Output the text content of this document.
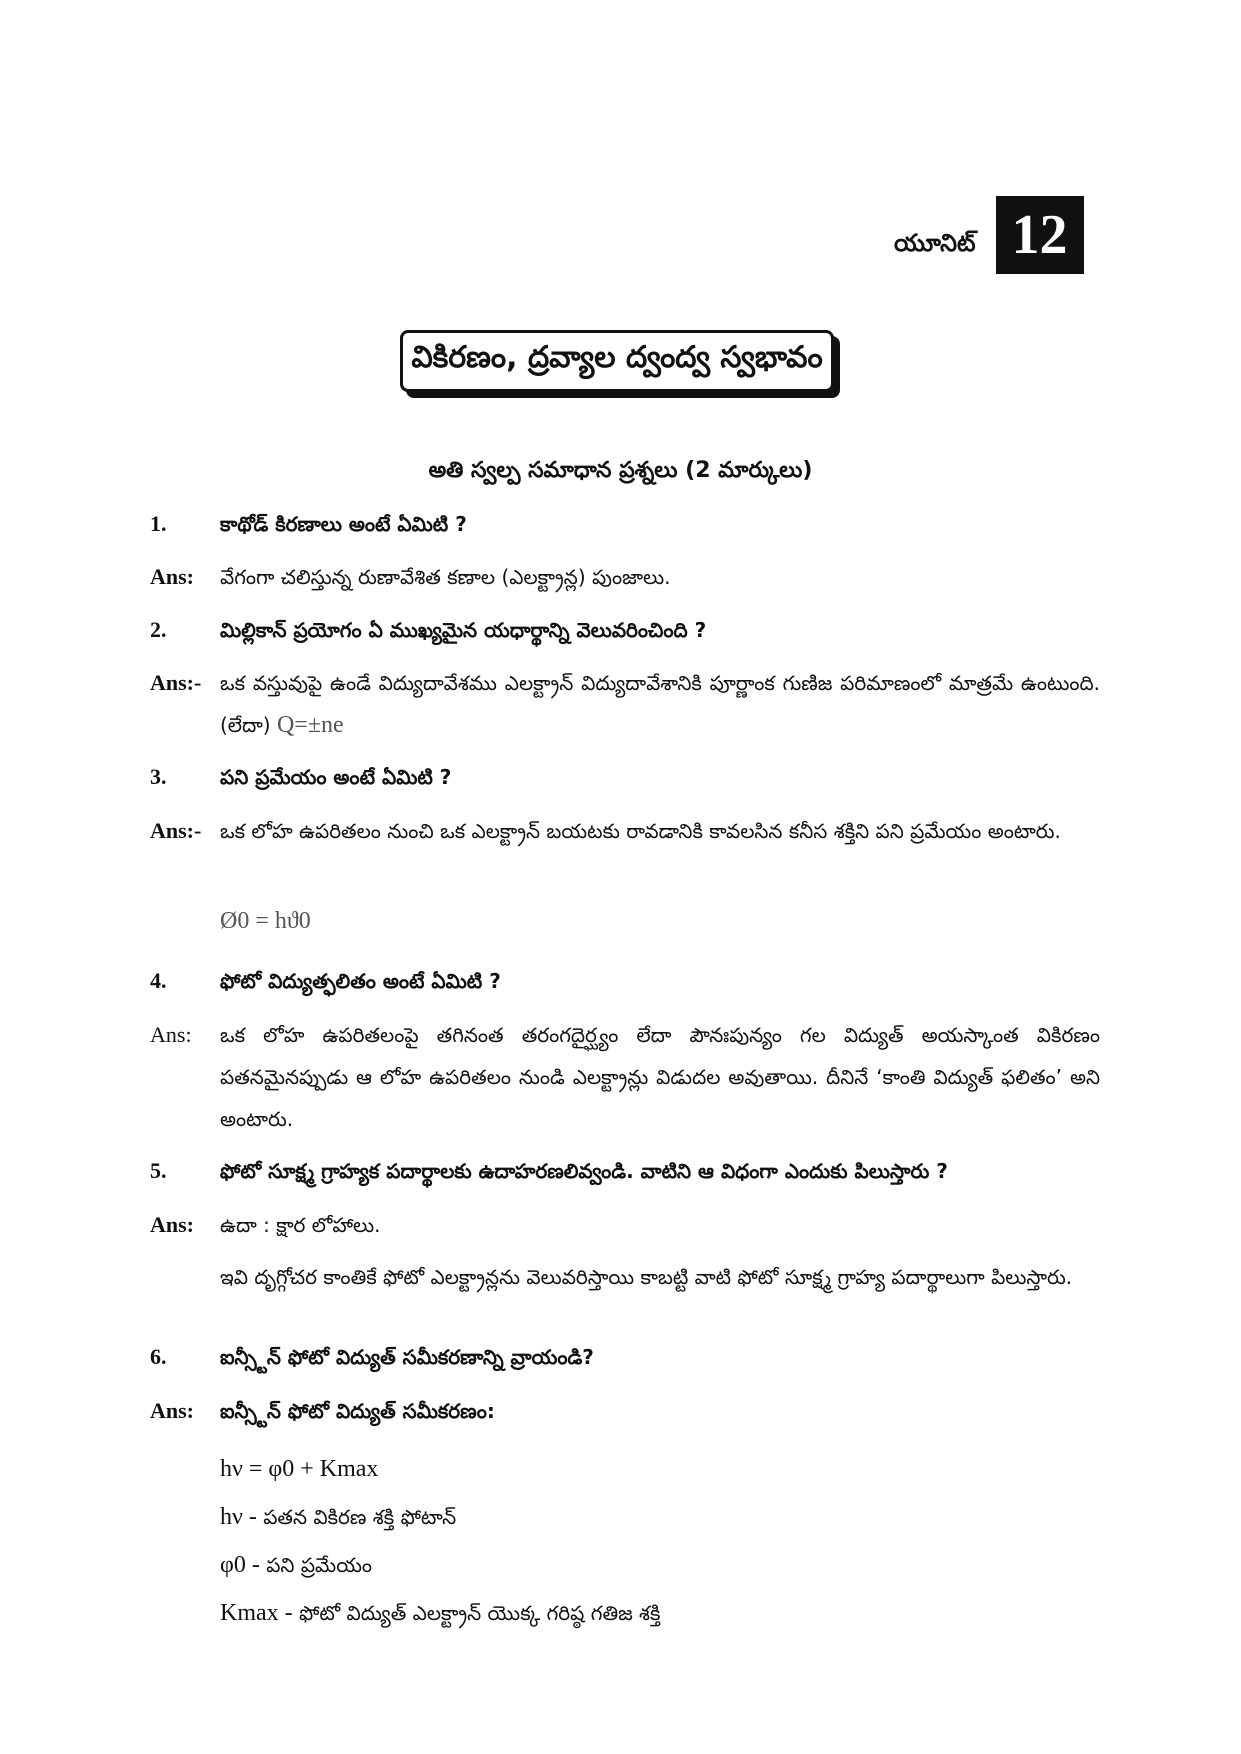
యూనిట్ 12
వికిరణం, ద్రవ్యాల ద్వంద్వ స్వభావం
అతి స్వల్ప సమాధాన ప్రశ్నలు (2 మార్కులు)
1.	కాథోడ్ కిరణాలు అంటే ఏమిటి ?
Ans: వేగంగా చలిస్తున్న రుణావేశిత కణాల (ఎలక్ట్రాన్ల) పుంజాలు.
2.	మిల్లికాన్ ప్రయోగం ఏ ముఖ్యమైన యధార్థాన్ని వెలువరించింది ?
Ans:- ఒక వస్తువుపై ఉండే విద్యుదావేశము ఎలక్ట్రాన్ విద్యుదావేశానికి పూర్ణాంక గుణిజ పరిమాణంలో మాత్రమే ఉంటుంది. (లేదా) Q=±ne
3.	పని ప్రమేయం అంటే ఏమిటి ?
Ans:- ఒక లోహ ఉపరితలం నుంచి ఒక ఎలక్ట్రాన్ బయటకు రావడానికి కావలసిన కనీస శక్తిని పని ప్రమేయం అంటారు.
Ø0 = hϑ0
4.	ఫోటో విద్యుత్ఫలితం అంటే ఏమిటి ?
Ans: ఒక లోహ ఉపరితలంపై తగినంత తరంగదైర్ఘ్యం లేదా పౌనఃపున్యం గల విద్యుత్ అయస్కాంత వికిరణం పతనమైనప్పుడు ఆ లోహ ఉపరితలం నుండి ఎలక్ట్రాన్లు విడుదల అవుతాయి. దీనినే ‘కాంతి విద్యుత్ ఫలితం’ అని అంటారు.
5.	ఫోటో సూక్ష్మ గ్రాహ్యక పదార్థాలకు ఉదాహరణలివ్వండి. వాటిని ఆ విధంగా ఎందుకు పిలుస్తారు ?
Ans: ఉదా : క్షార లోహాలు.
ఇవి దృగ్గోచర కాంతికే ఫోటో ఎలక్ట్రాన్లను వెలువరిస్తాయి కాబట్టి వాటి ఫోటో సూక్ష్మ గ్రాహ్య పదార్థాలుగా పిలుస్తారు.
6.	ఐన్స్టీన్ ఫోటో విద్యుత్ సమీకరణాన్ని వ్రాయండి?
Ans: ఐన్స్టీన్ ఫోటో విద్యుత్ సమీకరణం:
hν = φ0 + Kmax
hν - పతన వికిరణ శక్తి ఫోటాన్
φ0 - పని ప్రమేయం
Kmax - ఫోటో విద్యుత్ ఎలక్ట్రాన్ యొక్క గరిష్ఠ గతిజ శక్తి
